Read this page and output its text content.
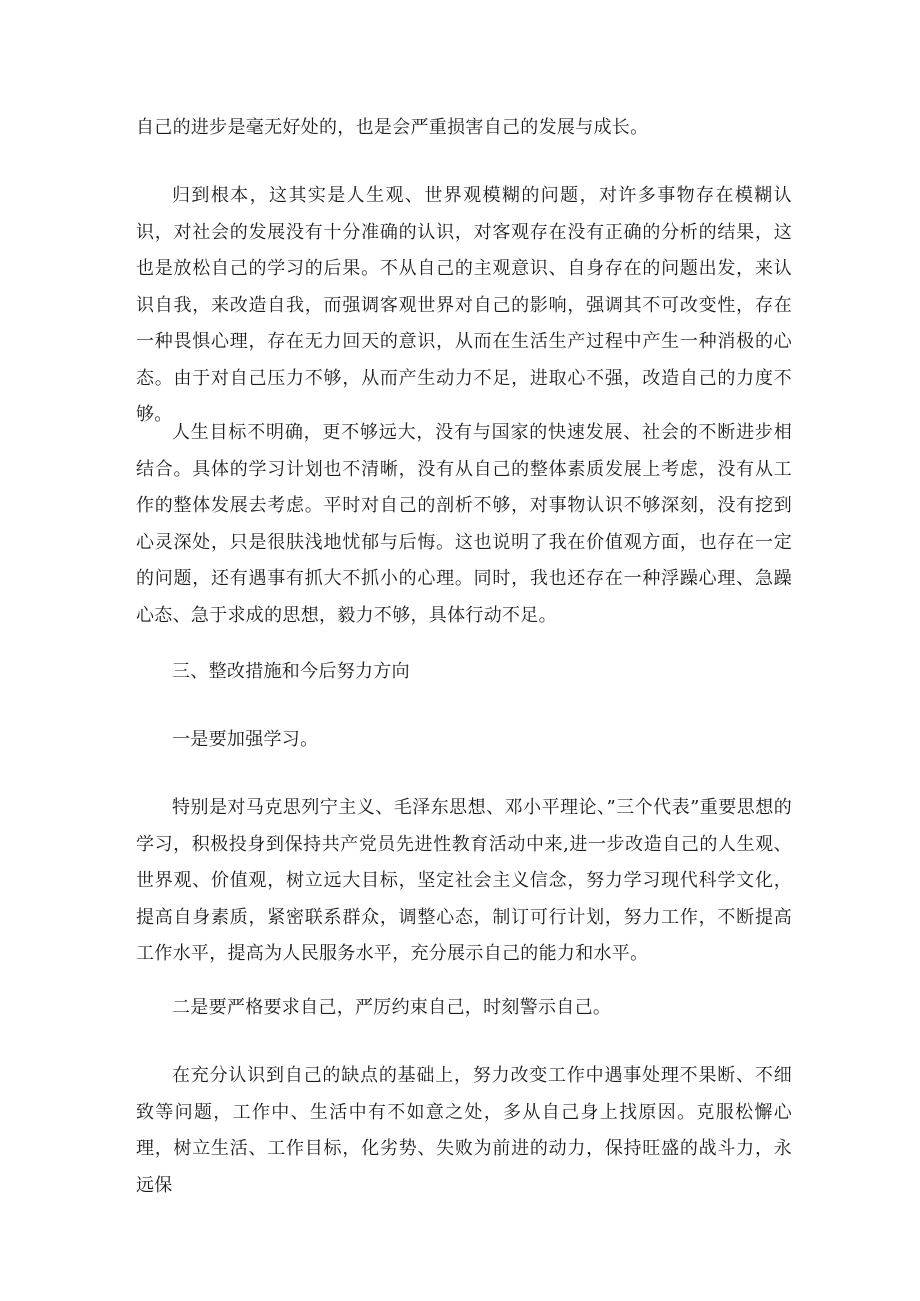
自己的进步是毫无好处的，也是会严重损害自己的发展与成长。

归到根本，这其实是人生观、世界观模糊的问题，对许多事物存在模糊认识，对社会的发展没有十分准确的认识，对客观存在没有正确的分析的结果，这也是放松自己的学习的后果。不从自己的主观意识、自身存在的问题出发，来认识自我，来改造自我，而强调客观世界对自己的影响，强调其不可改变性，存在一种畏惧心理，存在无力回天的意识，从而在生活生产过程中产生一种消极的心态。由于对自己压力不够，从而产生动力不足，进取心不强，改造自己的力度不够。

人生目标不明确，更不够远大，没有与国家的快速发展、社会的不断进步相结合。具体的学习计划也不清晰，没有从自己的整体素质发展上考虑，没有从工作的整体发展去考虑。平时对自己的剖析不够，对事物认识不够深刻，没有挖到心灵深处，只是很肤浅地忧郁与后悔。这也说明了我在价值观方面，也存在一定的问题，还有遇事有抓大不抓小的心理。同时，我也还存在一种浮躁心理、急躁心态、急于求成的思想，毅力不够，具体行动不足。

三、整改措施和今后努力方向

一是要加强学习。

特别是对马克思列宁主义、毛泽东思想、邓小平理论、”三个代表”重要思想的学习，积极投身到保持共产党员先进性教育活动中来,进一步改造自己的人生观、世界观、价值观，树立远大目标，坚定社会主义信念，努力学习现代科学文化，提高自身素质，紧密联系群众，调整心态，制订可行计划，努力工作，不断提高工作水平，提高为人民服务水平，充分展示自己的能力和水平。

二是要严格要求自己，严厉约束自己，时刻警示自己。

在充分认识到自己的缺点的基础上，努力改变工作中遇事处理不果断、不细致等问题，工作中、生活中有不如意之处，多从自己身上找原因。克服松懈心理，树立生活、工作目标，化劣势、失败为前进的动力，保持旺盛的战斗力，永远保
